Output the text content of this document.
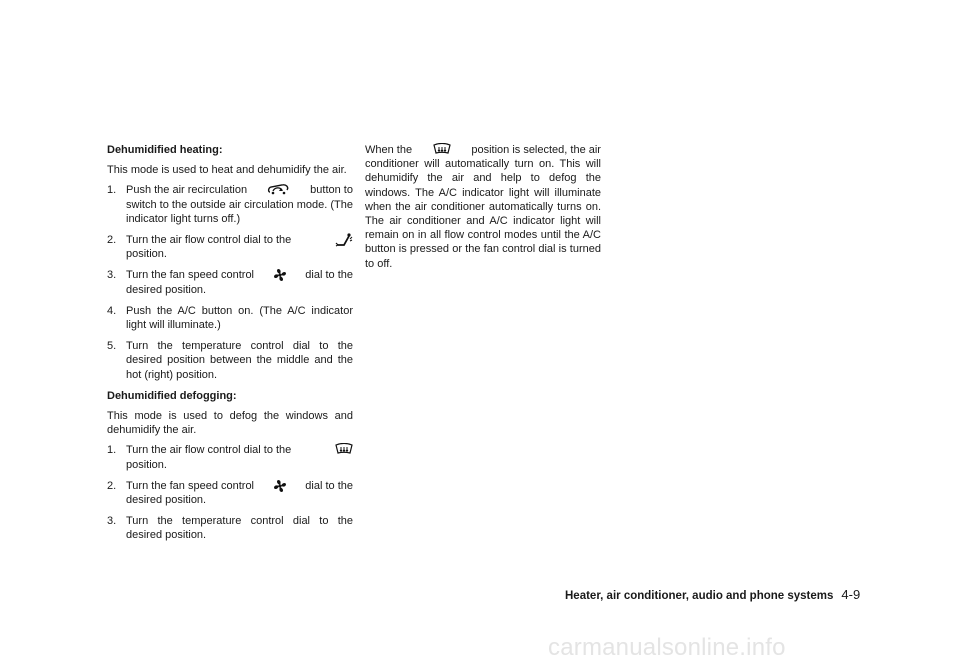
Dehumidified heating:
This mode is used to heat and dehumidify the air.
1. Push the air recirculation	button to
switch to the outside air circulation mode. (The indicator light turns off.)
2. Turn the air flow control dial to the
position.
3. Turn the fan speed control	dial to the
desired position.
4. Push the A/C button on. (The A/C indicator light will illuminate.)
5. Turn the temperature control dial to the desired position between the middle and the hot (right) position.
Dehumidified defogging:
This mode is used to defog the windows and dehumidify the air.
1. Turn the air flow control dial to the
position.
2. Turn the fan speed control	dial to the
desired position.
3. Turn the temperature control dial to the desired position.
When the	position is selected, the air
conditioner will automatically turn on. This will dehumidify the air and help to defog the windows. The A/C indicator light will illuminate when the air conditioner automatically turns on. The air conditioner and A/C indicator light will remain on in all flow control modes until the A/C button is pressed or the fan control dial is turned to off.
Heater, air conditioner, audio and phone systems 4-9
carmanualsonline.info
